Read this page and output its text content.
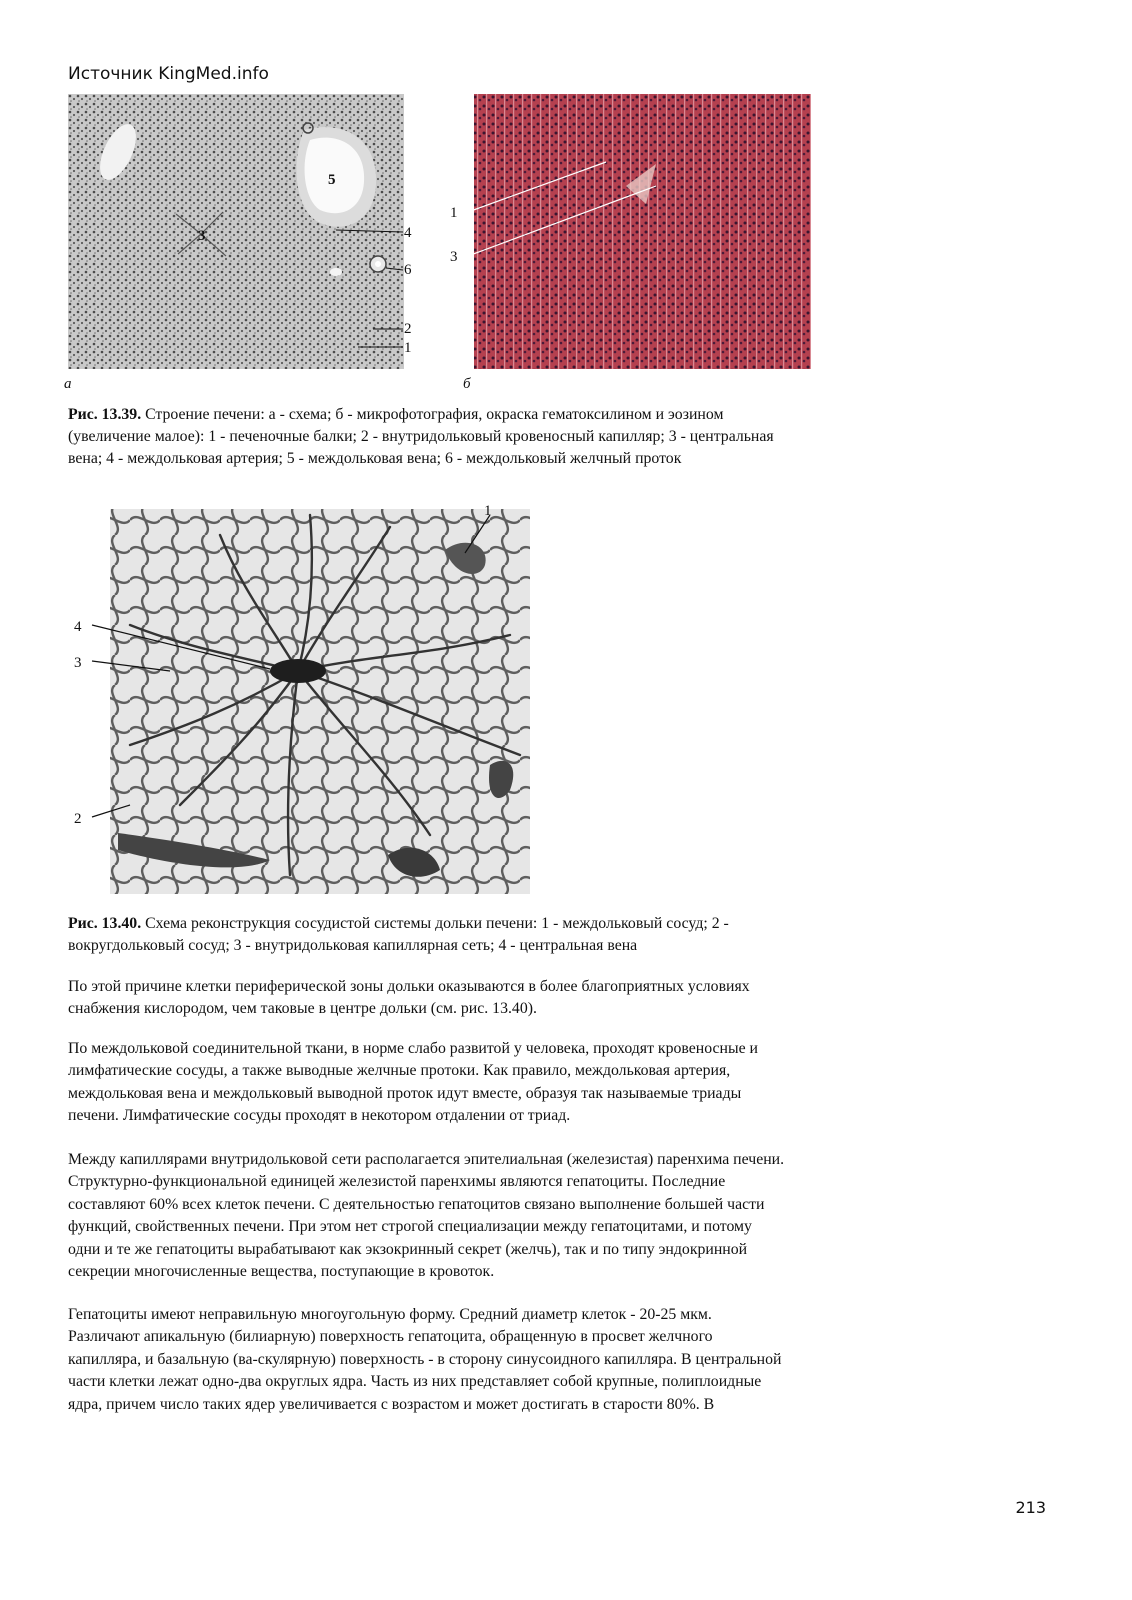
Источник KingMed.info
5
3	4
6
2
1
а
1
3
б
Рис. 13.39. Строение печени: а - схема; б - микрофотография, окраска гематоксилином и эозином
(увеличение малое): 1 - печеночные балки; 2 - внутридольковый кровеносный капилляр; 3 - центральная
вена; 4 - междольковая артерия; 5 - междольковая вена; 6 - междольковый желчный проток
1
4
3
2
Рис. 13.40. Схема реконструкция сосудистой системы дольки печени: 1 - междольковый сосуд; 2 -
вокругдольковый сосуд; 3 - внутридольковая капиллярная сеть; 4 - центральная вена

По этой причине клетки периферической зоны дольки оказываются в более благоприятных условиях

снабжения кислородом, чем таковые в центре дольки (см. рис. 13.40).

По междольковой соединительной ткани, в норме слабо развитой у человека, проходят кровеносные и

лимфатические сосуды, а также выводные желчные протоки. Как правило, междольковая артерия,

междольковая вена и междольковый выводной проток идут вместе, образуя так называемые триады

печени. Лимфатические сосуды проходят в некотором отдалении от триад.

Между капиллярами внутридольковой сети располагается эпителиальная (железистая) паренхима печени.

Структурно-функциональной единицей железистой паренхимы являются гепатоциты. Последние

составляют 60% всех клеток печени. С деятельностью гепатоцитов связано выполнение большей части

функций, свойственных печени. При этом нет строгой специализации между гепатоцитами, и потому

одни и те же гепатоциты вырабатывают как экзокринный секрет (желчь), так и по типу эндокринной

секреции многочисленные вещества, поступающие в кровоток.

Гепатоциты имеют неправильную многоугольную форму. Средний диаметр клеток - 20-25 мкм.

Различают апикальную (билиарную) поверхность гепатоцита, обращенную в просвет желчного

капилляра, и базальную (ва-скулярную) поверхность - в сторону синусоидного капилляра. В центральной

части клетки лежат одно-два округлых ядра. Часть из них представляет собой крупные, полиплоидные

ядра, причем число таких ядер увеличивается с возрастом и может достигать в старости 80%. В

213
